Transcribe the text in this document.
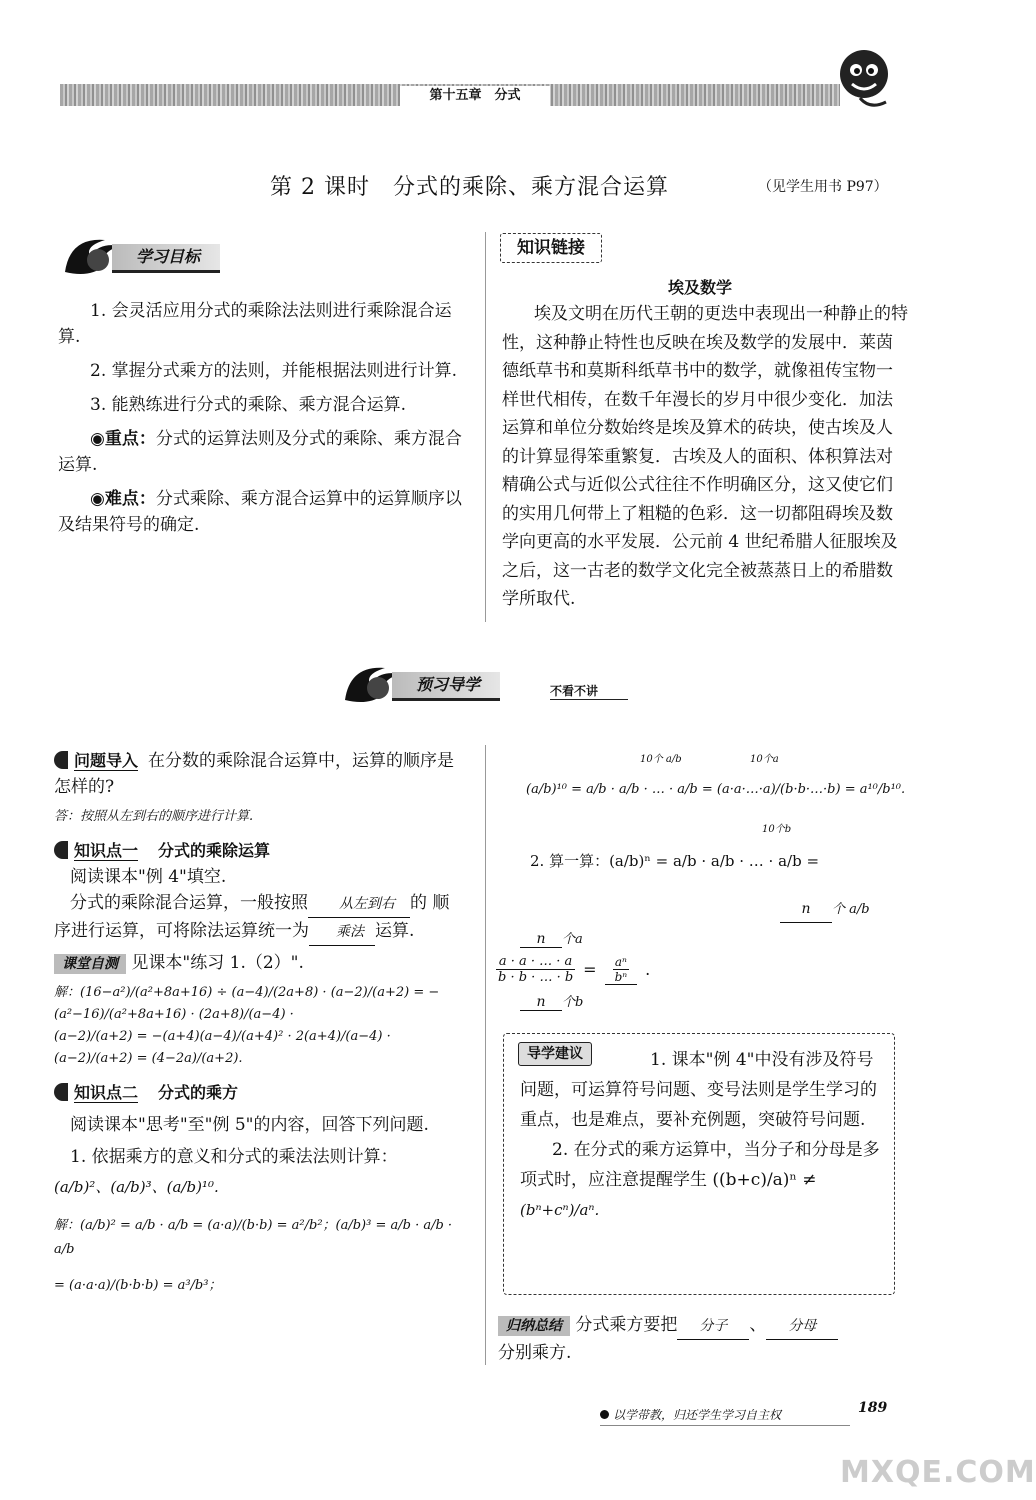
第十五章　分式
第 2 课时　分式的乘除、乘方混合运算	（见学生用书 P97）
学习目标
1. 会灵活应用分式的乘除法法则进行乘除混合运算.
2. 掌握分式乘方的法则，并能根据法则进行计算.
3. 能熟练进行分式的乘除、乘方混合运算.
◉重点：分式的运算法则及分式的乘除、乘方混合运算.
◉难点：分式乘除、乘方混合运算中的运算顺序以及结果符号的确定.
知识链接
埃及数学
埃及文明在历代王朝的更迭中表现出一种静止的特性，这种静止特性也反映在埃及数学的发展中．莱茵德纸草书和莫斯科纸草书中的数学，就像祖传宝物一样世代相传，在数千年漫长的岁月中很少变化．加法运算和单位分数始终是埃及算术的砖块，使古埃及人的计算显得笨重繁复．古埃及人的面积、体积算法对精确公式与近似公式往往不作明确区分，这又使它们的实用几何带上了粗糙的色彩．这一切都阻碍埃及数学向更高的水平发展．公元前 4 世纪希腊人征服埃及之后，这一古老的数学文化完全被蒸蒸日上的希腊数学所取代.
预习导学	不看不讲
问题导入 在分数的乘除混合运算中，运算的顺序是怎样的?
答：按照从左到右的顺序进行计算.
知识点一 分式的乘除运算
阅读课本"例 4"填空.
分式的乘除混合运算，一般按照 从左到右 的 顺序进行运算，可将除法运算统一为 乘法 运算.
课堂自测 见课本"练习 1.（2）".
解：(16−a²)/(a²+8a+16) ÷ (a−4)/(2a+8) · (a−2)/(a+2) = −(a²−16)/(a²+8a+16) · (2a+8)/(a−4) ·
(a−2)/(a+2) = −(a+4)(a−4)/(a+4)² · 2(a+4)/(a−4) · (a−2)/(a+2) = (4−2a)/(a+2).
知识点二 分式的乘方
阅读课本"思考"至"例 5"的内容，回答下列问题.
1. 依据乘方的意义和分式的乘法法则计算：
(a/b)²、(a/b)³、(a/b)¹⁰.
解：(a/b)² = a/b · a/b = (a·a)/(b·b) = a²/b²；(a/b)³ = a/b · a/b · a/b
= (a·a·a)/(b·b·b) = a³/b³；
10个 a/b	10个a
(a/b)¹⁰ = a/b · a/b · … · a/b = (a·a·…·a)/(b·b·…·b) = a¹⁰/b¹⁰.
10个b
2. 算一算：(a/b)ⁿ = a/b · a/b · … · a/b =
n 个 a/b
n 个a
$\frac{a \cdot a \cdot \dots \cdot a}{b \cdot b \cdot \dots \cdot b} = \frac{\text{aⁿ}}{\text{bⁿ}}$ .
n 个b
导学建议	1. 课本"例 4"中没有涉及符号问题，可运算符号问题、变号法则是学生学习的重点，也是难点，要补充例题，突破符号问题.
2. 在分式的乘方运算中，当分子和分母是多项式时，应注意提醒学生 ((b+c)/a)ⁿ ≠
(bⁿ+cⁿ)/aⁿ.
归纳总结 分式乘方要把 分子 、 分母
分别乘方.
以学带教，归还学生学习自主权	189
MXQE.COM
